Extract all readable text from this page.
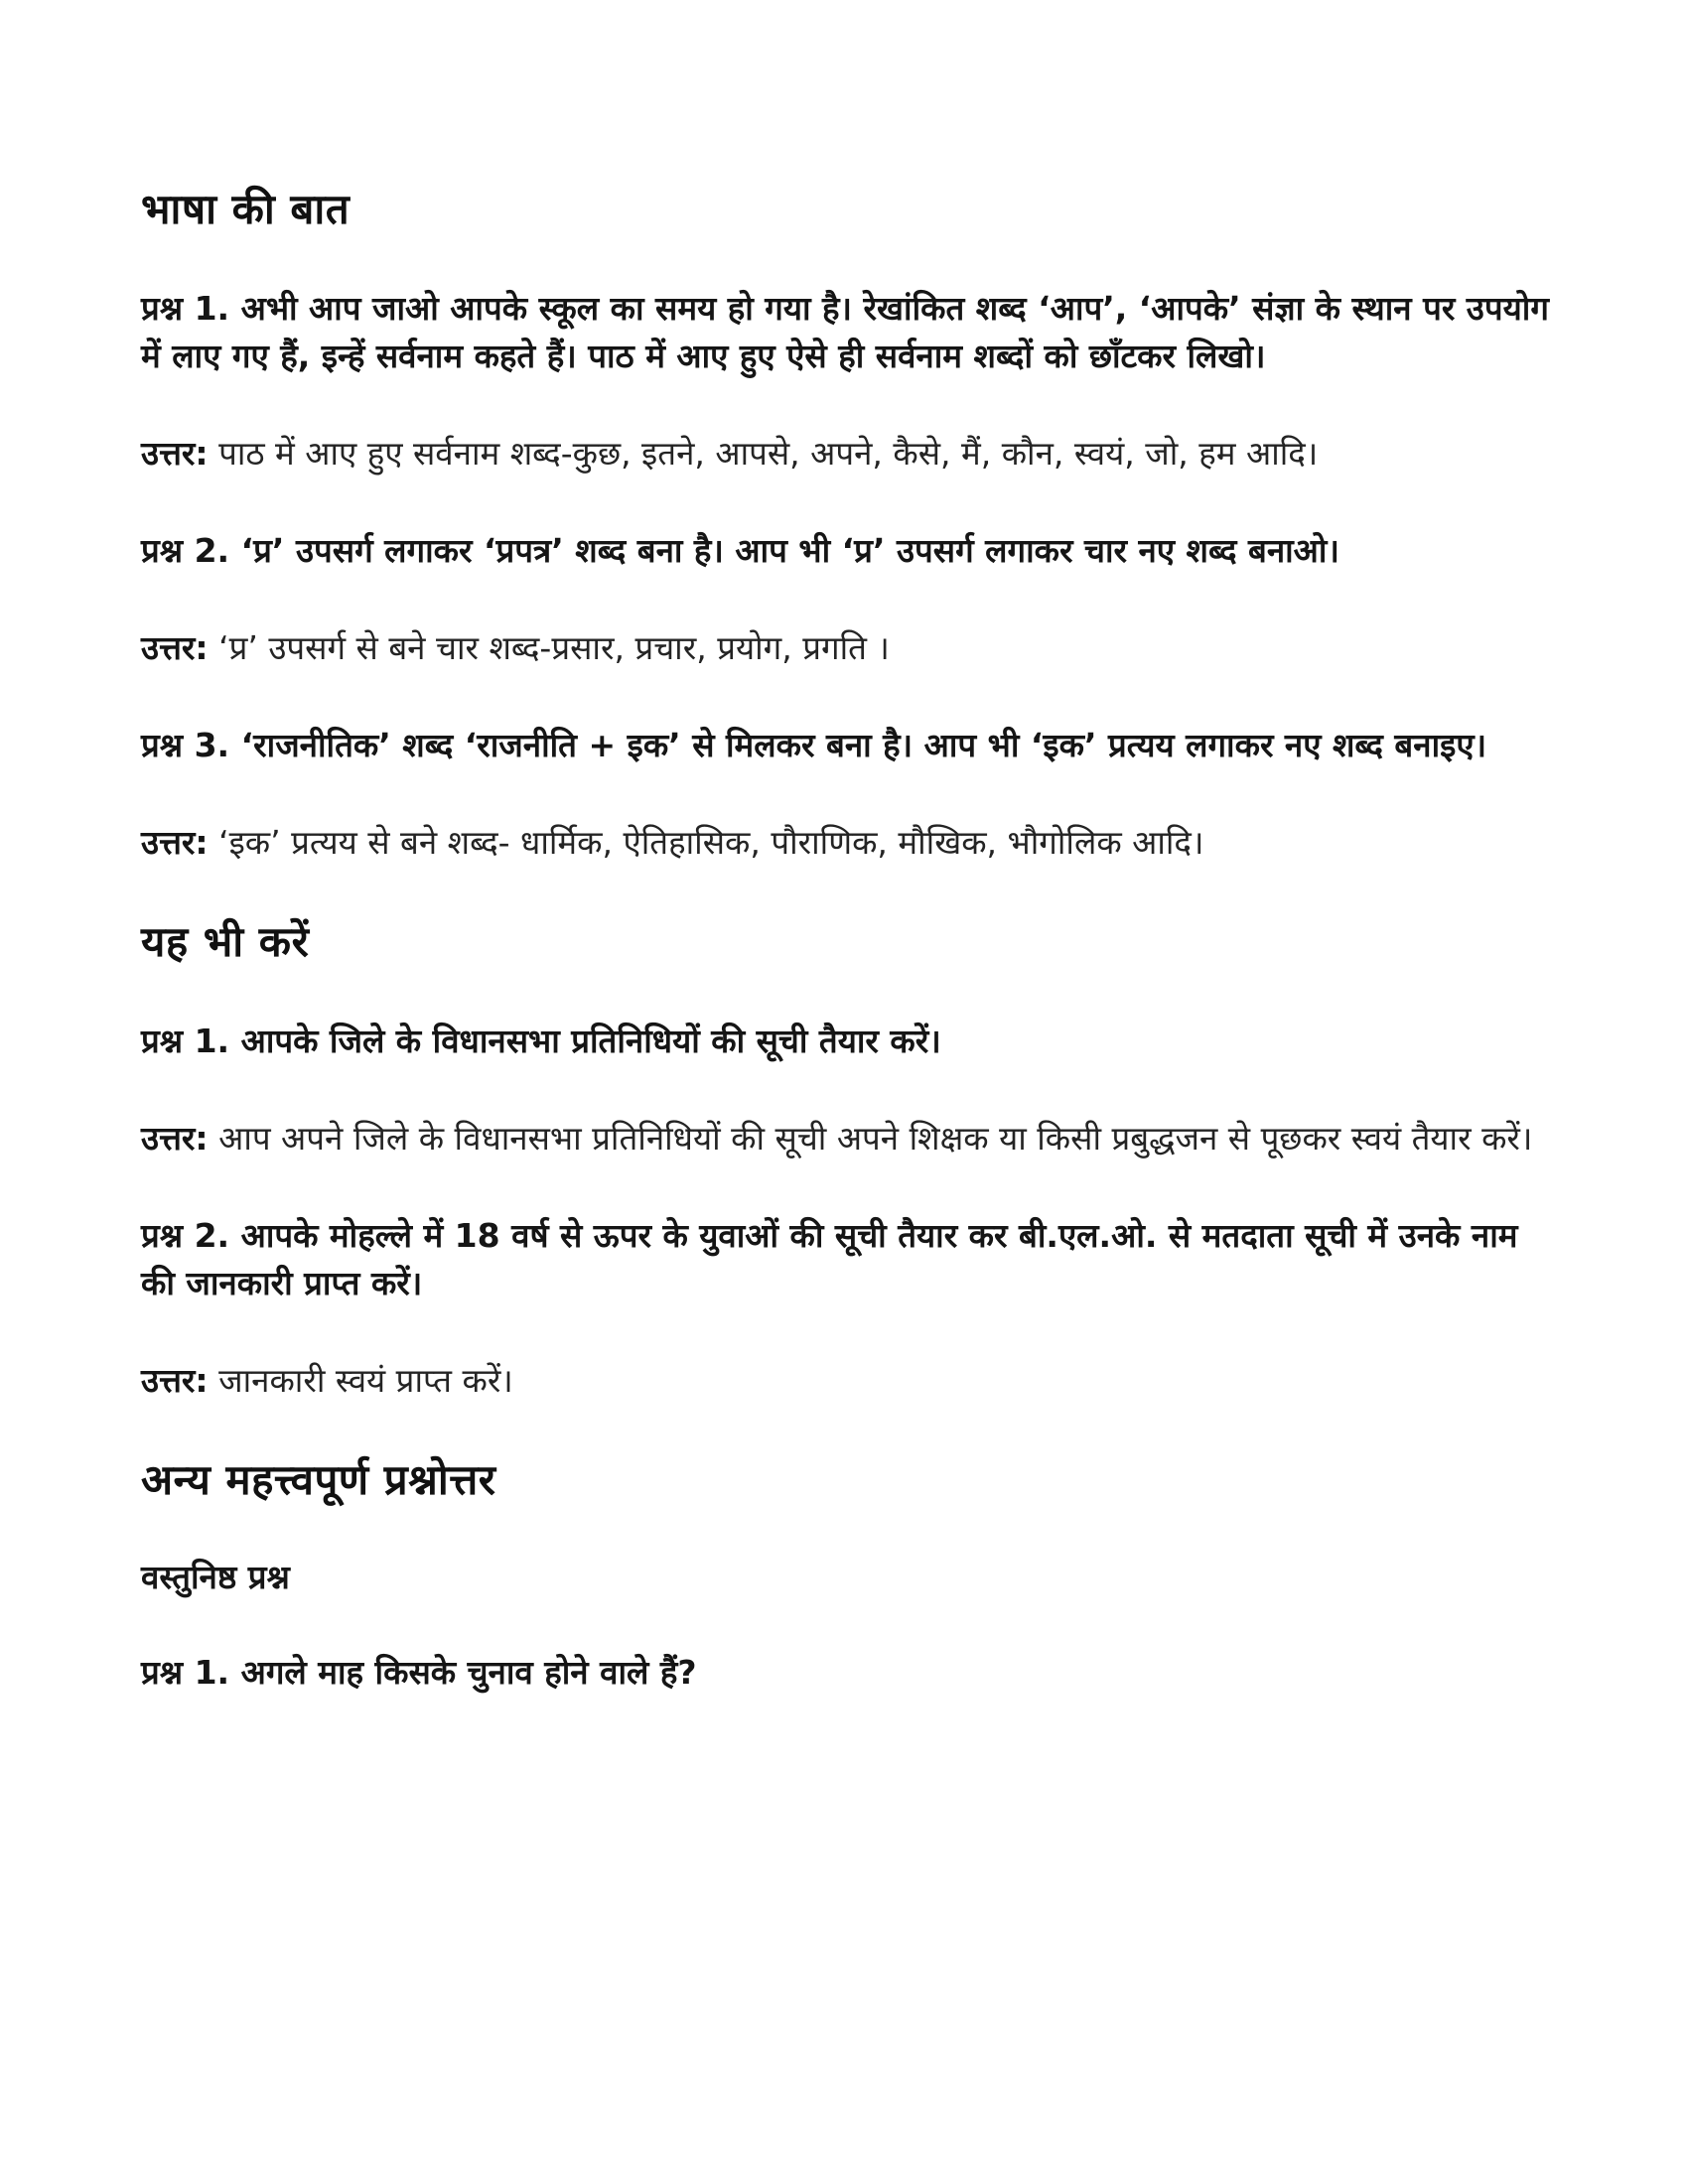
भाषा की बात

प्रश्न 1. अभी आप जाओ आपके स्कूल का समय हो गया है। रेखांकित शब्द ‘आप’, ‘आपके’ संज्ञा के स्थान पर उपयोग में लाए गए हैं, इन्हें सर्वनाम कहते हैं। पाठ में आए हुए ऐसे ही सर्वनाम शब्दों को छाँटकर लिखो।

उत्तर: पाठ में आए हुए सर्वनाम शब्द-कुछ, इतने, आपसे, अपने, कैसे, मैं, कौन, स्वयं, जो, हम आदि।

प्रश्न 2. ‘प्र’ उपसर्ग लगाकर ‘प्रपत्र’ शब्द बना है। आप भी ‘प्र’ उपसर्ग लगाकर चार नए शब्द बनाओ।

उत्तर: ‘प्र’ उपसर्ग से बने चार शब्द-प्रसार, प्रचार, प्रयोग, प्रगति ।

प्रश्न 3. ‘राजनीतिक’ शब्द ‘राजनीति + इक’ से मिलकर बना है। आप भी ‘इक’ प्रत्यय लगाकर नए शब्द बनाइए।

उत्तर: ‘इक’ प्रत्यय से बने शब्द- धार्मिक, ऐतिहासिक, पौराणिक, मौखिक, भौगोलिक आदि।

यह भी करें

प्रश्न 1. आपके जिले के विधानसभा प्रतिनिधियों की सूची तैयार करें।

उत्तर: आप अपने जिले के विधानसभा प्रतिनिधियों की सूची अपने शिक्षक या किसी प्रबुद्धजन से पूछकर स्वयं तैयार करें।

प्रश्न 2. आपके मोहल्ले में 18 वर्ष से ऊपर के युवाओं की सूची तैयार कर बी.एल.ओ. से मतदाता सूची में उनके नाम की जानकारी प्राप्त करें।

उत्तर: जानकारी स्वयं प्राप्त करें।

अन्य महत्त्वपूर्ण प्रश्नोत्तर
वस्तुनिष्ठ प्रश्न

प्रश्न 1. अगले माह किसके चुनाव होने वाले हैं?
